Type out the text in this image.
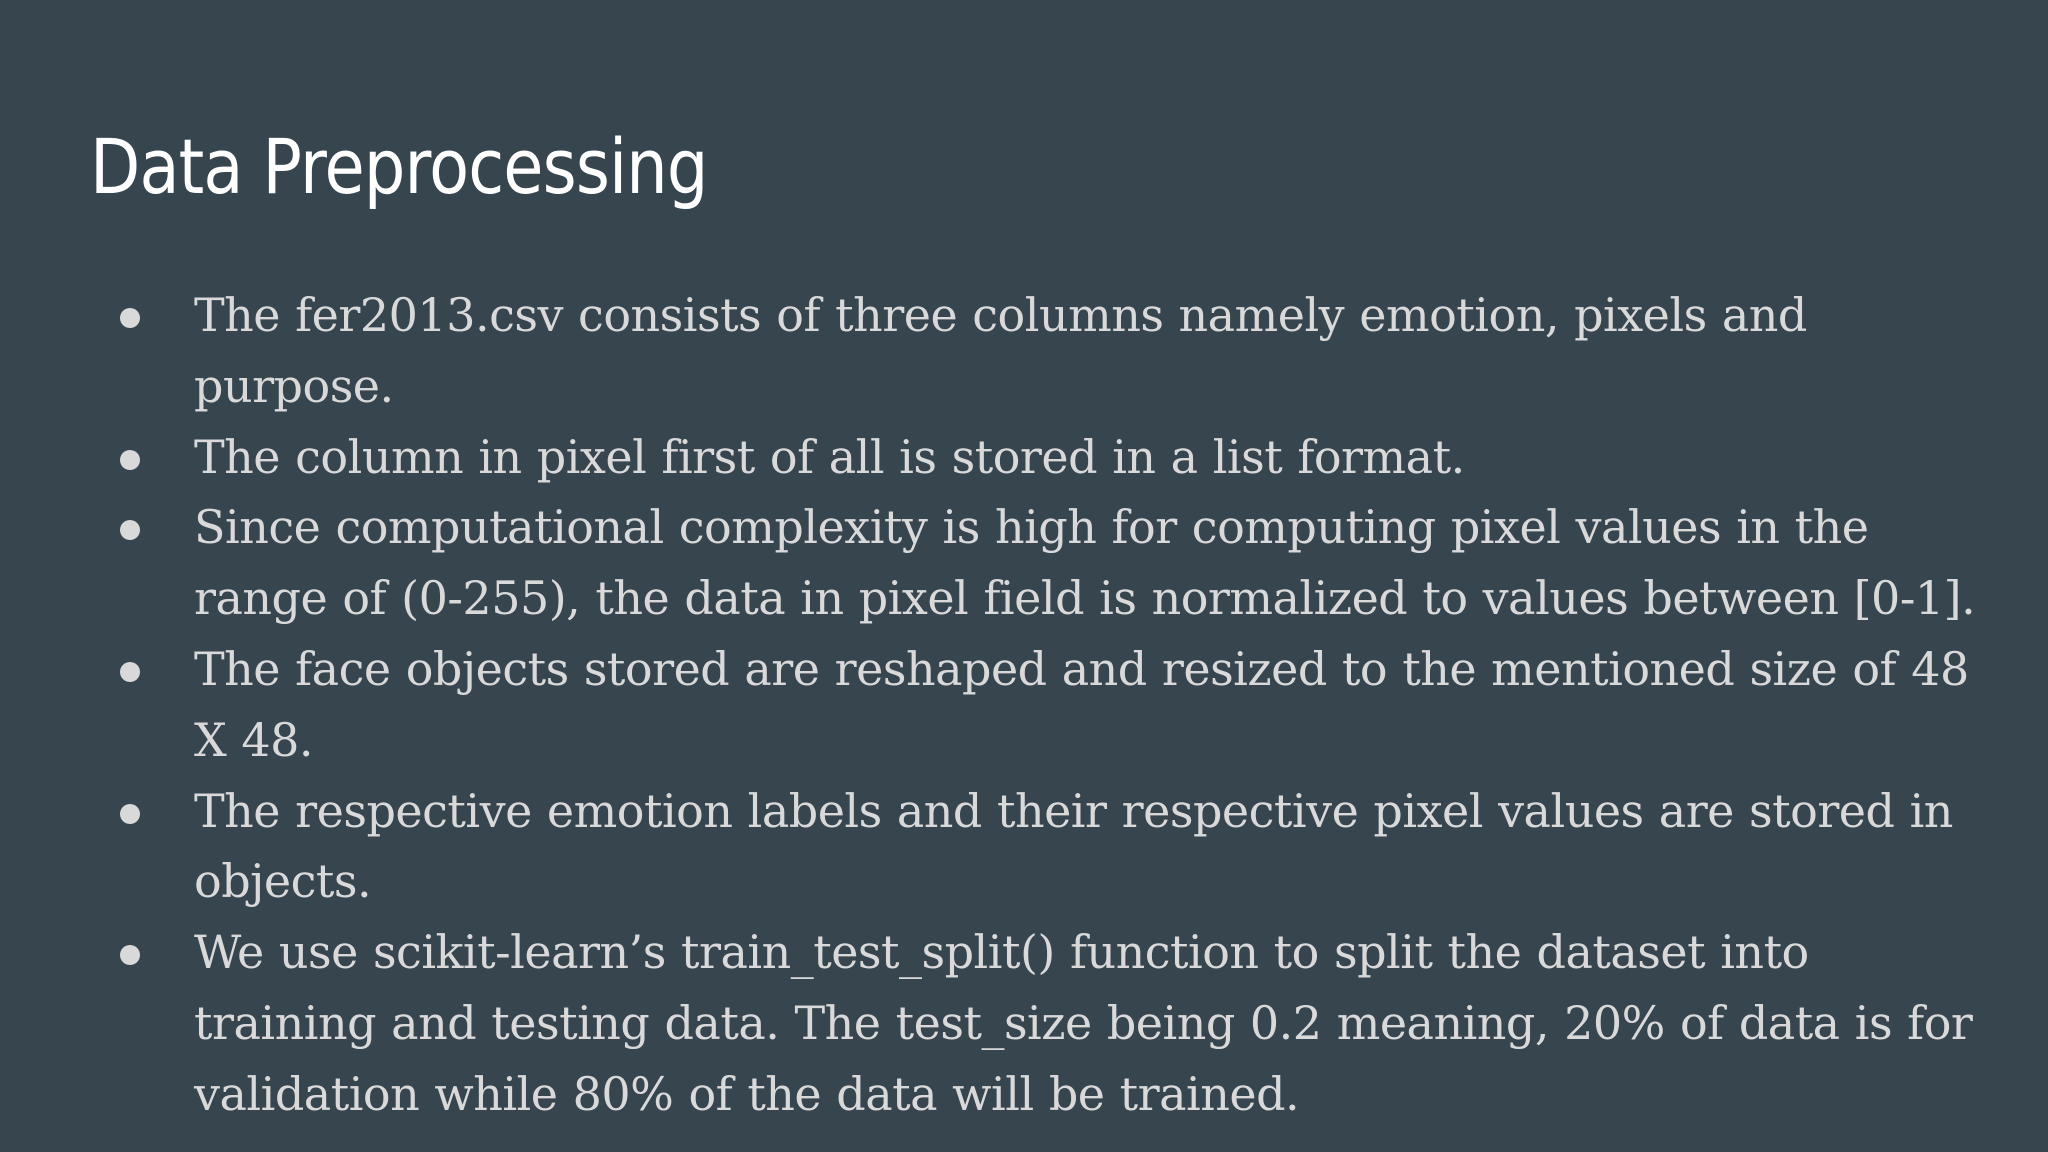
Data Preprocessing
The fer2013.csv consists of three columns namely emotion, pixels and purpose.
The column in pixel first of all is stored in a list format.
Since computational complexity is high for computing pixel values in the range of (0-255), the data in pixel field is normalized to values between [0-1].
The face objects stored are reshaped and resized to the mentioned size of 48 X 48.
The respective emotion labels and their respective pixel values are stored in objects.
We use scikit-learn’s train_test_split() function to split the dataset into training and testing data. The test_size being 0.2 meaning, 20% of data is for validation while 80% of the data will be trained.
